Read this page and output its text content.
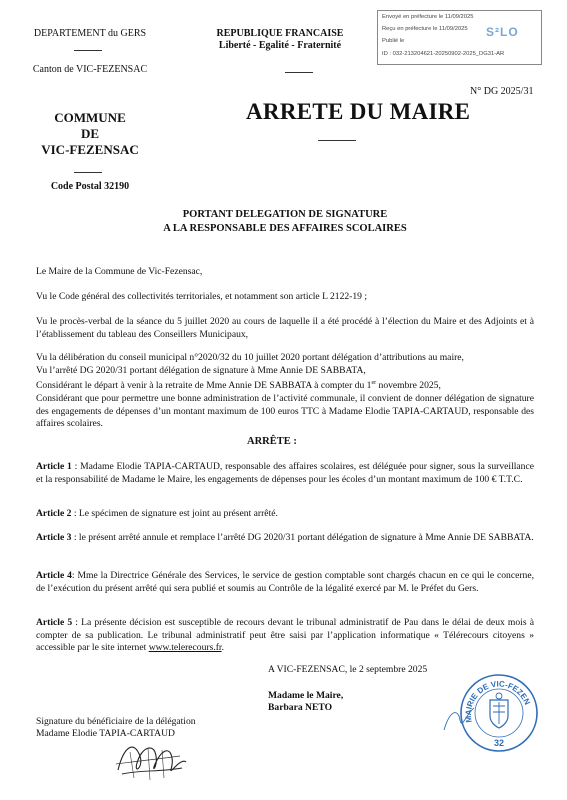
DEPARTEMENT du GERS
Canton de VIC-FEZENSAC
COMMUNE
DE
VIC-FEZENSAC
Code Postal 32190
REPUBLIQUE FRANCAISE
Liberté - Egalité - Fraternité
Envoyé en préfecture le 11/09/2025
Reçu en préfecture le 11/09/2025
Publié le
ID : 032-213204621-20250902-2025_DG31-AR
S²LO
N° DG 2025/31
ARRETE DU MAIRE
PORTANT DELEGATION DE SIGNATURE
A LA RESPONSABLE DES AFFAIRES SCOLAIRES

Le Maire de la Commune de Vic-Fezensac,

Vu le Code général des collectivités territoriales, et notamment son article L 2122-19 ;

Vu le procès-verbal de la séance du 5 juillet 2020 au cours de laquelle il a été procédé à l’élection du Maire et des Adjoints et à l’établissement du tableau des Conseillers Municipaux,

Vu la délibération du conseil municipal n°2020/32 du 10 juillet 2020 portant délégation d’attributions au maire,

Vu l’arrêté DG 2020/31 portant délégation de signature à Mme Annie DE SABBATA,

Considérant le départ à venir à la retraite de Mme Annie DE SABBATA à compter du 1er novembre 2025,

Considérant que pour permettre une bonne administration de l’activité communale, il convient de donner délégation de signature des engagements de dépenses d’un montant maximum de 100 euros TTC à Madame Elodie TAPIA-CARTAUD, responsable des affaires scolaires.

ARRÊTE :

Article 1 : Madame Elodie TAPIA-CARTAUD, responsable des affaires scolaires, est déléguée pour signer, sous la surveillance et la responsabilité de Madame le Maire, les engagements de dépenses pour les écoles d’un montant maximum de 100 € T.T.C.

Article 2 : Le spécimen de signature est joint au présent arrêté.

Article 3 : le présent arrêté annule et remplace l’arrêté DG 2020/31 portant délégation de signature à Mme Annie DE SABBATA.

Article 4: Mme la Directrice Générale des Services, le service de gestion comptable sont chargés chacun en ce qui le concerne, de l’exécution du présent arrêté qui sera publié et soumis au Contrôle de la légalité exercé par M. le Préfet du Gers.

Article 5 : La présente décision est susceptible de recours devant le tribunal administratif de Pau dans le délai de deux mois à compter de sa publication. Le tribunal administratif peut être saisi par l’application informatique « Télérecours citoyens » accessible par le site internet www.telerecours.fr.

A VIC-FEZENSAC, le 2 septembre 2025
Madame le Maire,
Barbara NETO
Signature du bénéficiaire de la délégation
Madame Elodie TAPIA-CARTAUD
MAIRIE DE VIC-FEZEN
32
